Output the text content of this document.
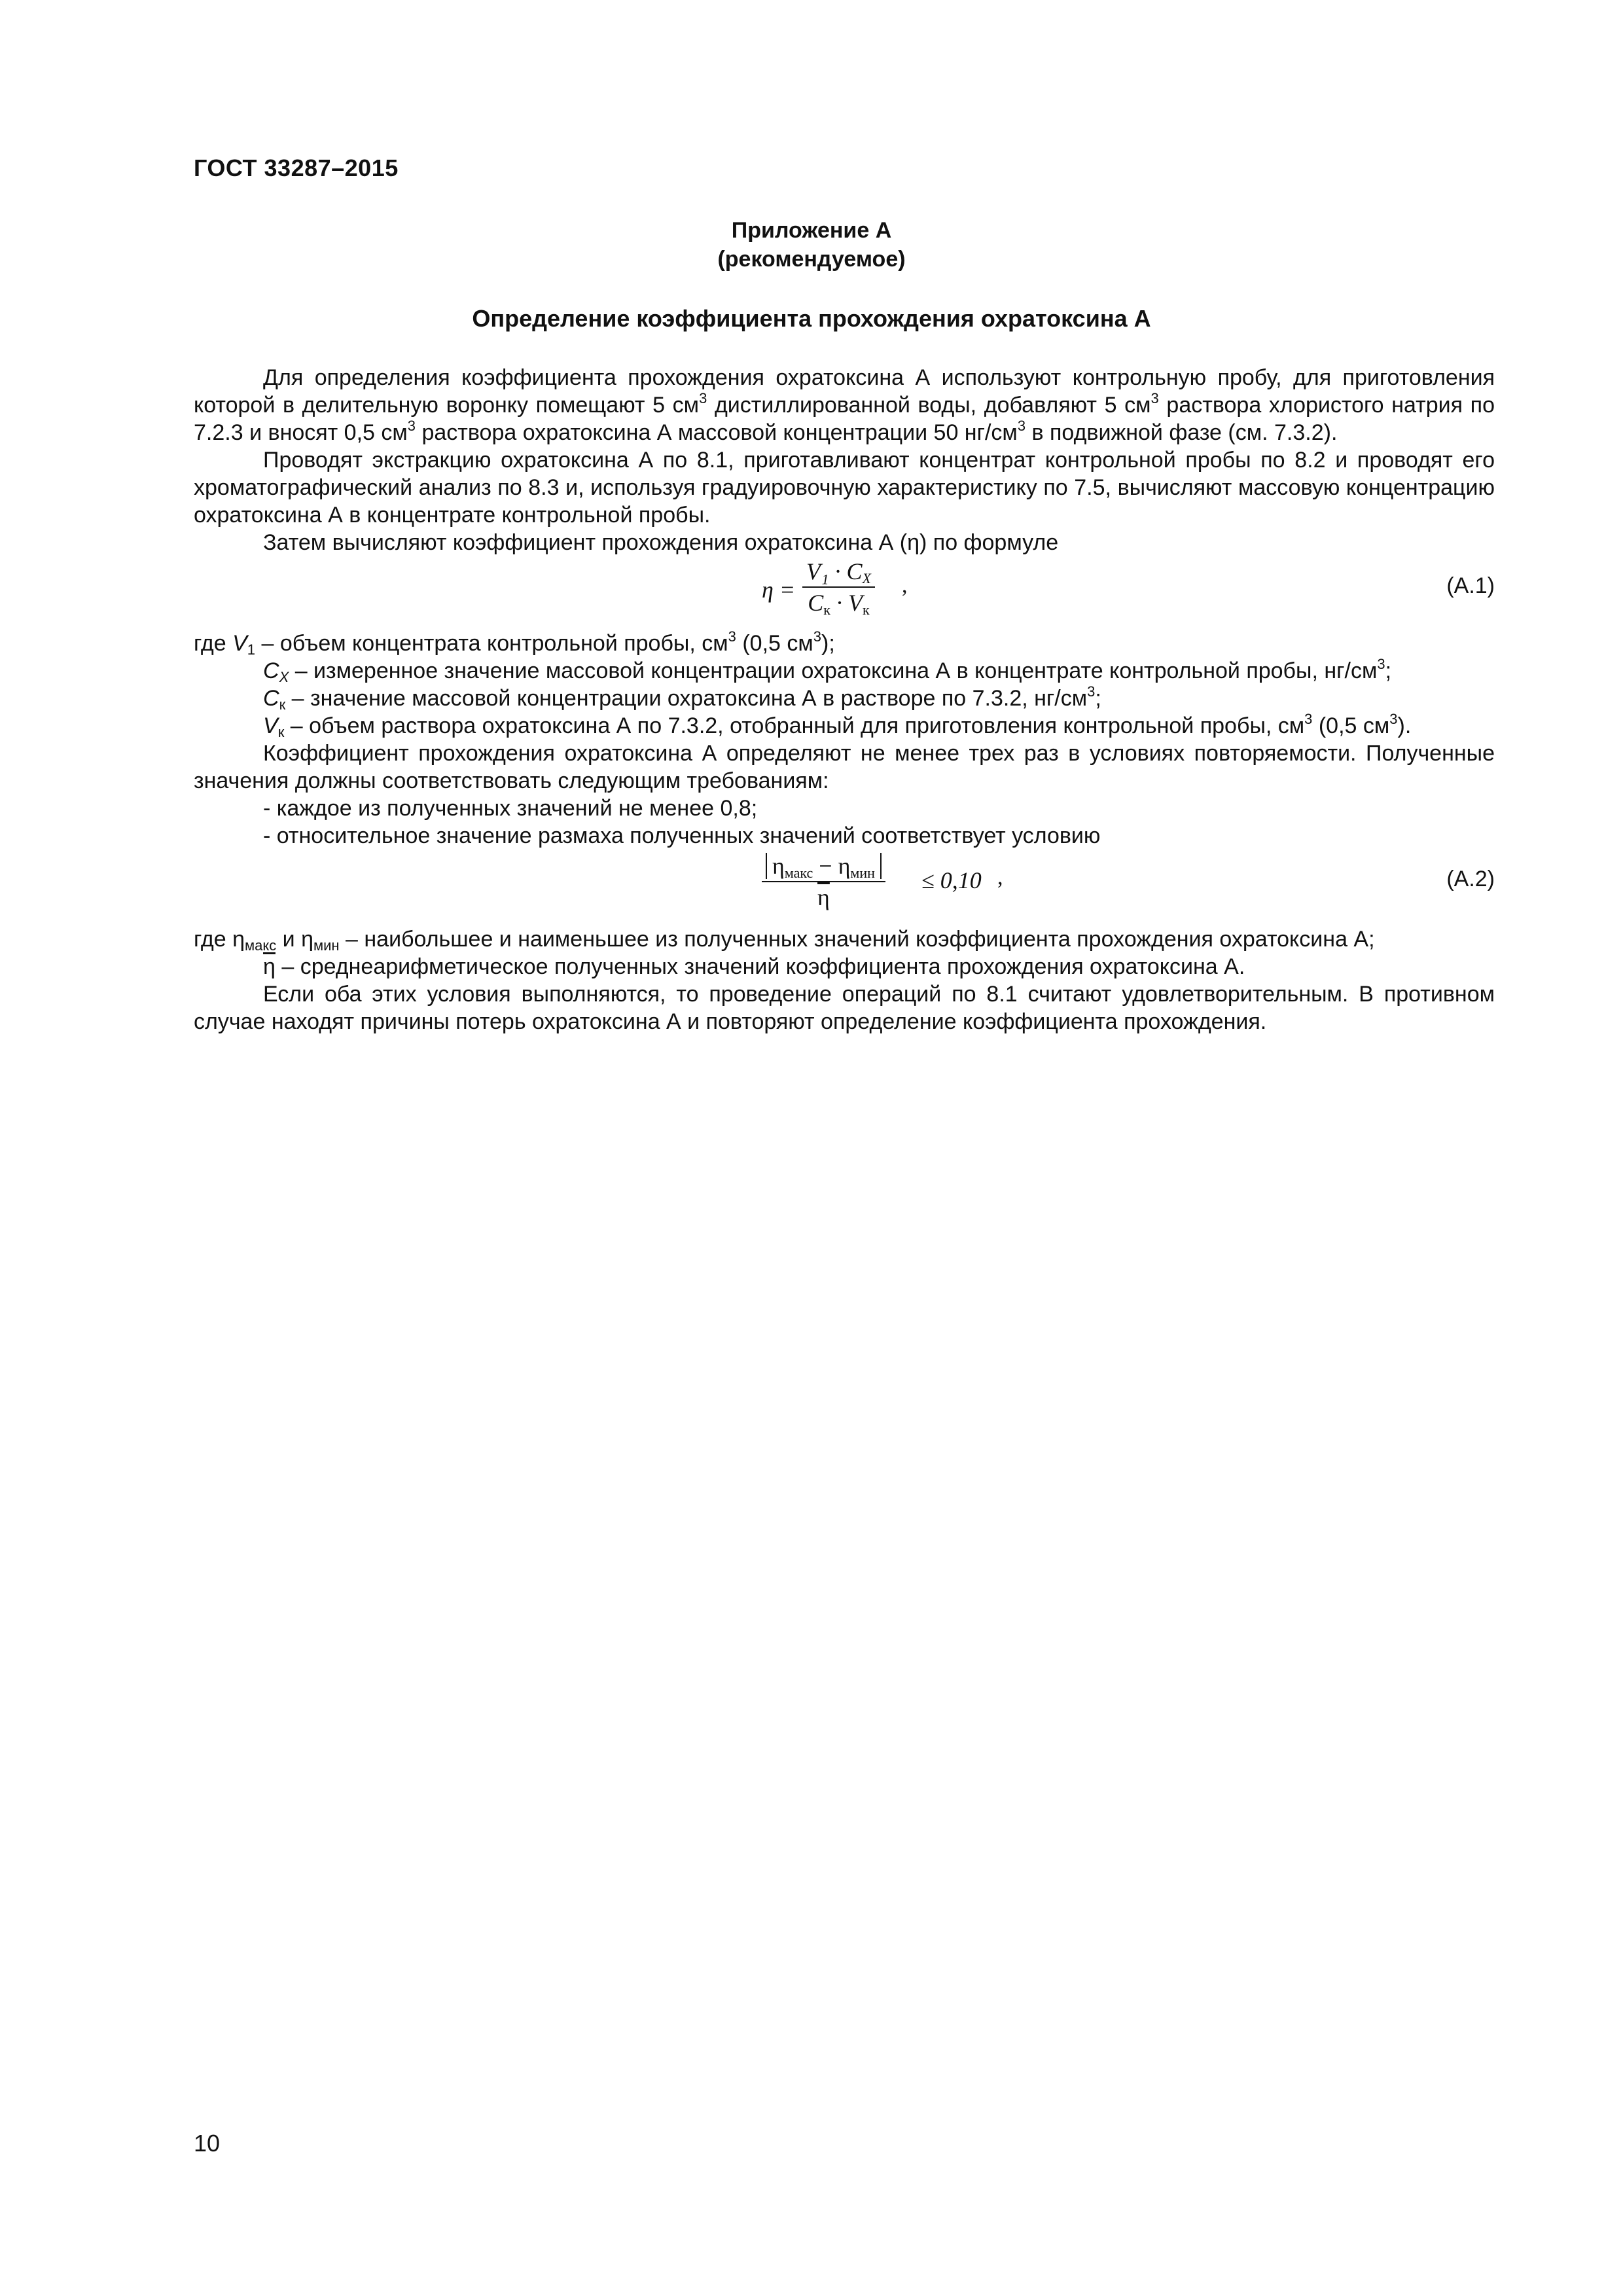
ГОСТ 33287–2015
Приложение А
(рекомендуемое)
Определение коэффициента прохождения охратоксина А

Для определения коэффициента прохождения охратоксина А используют контрольную пробу, для приготовления которой в делительную воронку помещают 5 $см^3$ дистиллированной воды, добавляют 5 $см^3$ раствора хлористого натрия по 7.2.3 и вносят 0,5 $см^3$ раствора охратоксина А массовой концентрации 50 $нг/см^3$ в подвижной фазе (см. 7.3.2).

Проводят экстракцию охратоксина А по 8.1, приготавливают концентрат контрольной пробы по 8.2 и проводят его хроматографический анализ по 8.3 и, используя градуировочную характеристику по 7.5, вычисляют массовую концентрацию охратоксина А в концентрате контрольной пробы.

Затем вычисляют коэффициент прохождения охратоксина А (η) по формуле

η =
$V_1 \cdot C_X$
$C_к \cdot V_к$
,	(А.1)

где $V_1$ – объем концентрата контрольной пробы, $см^3$ (0,5 $см^3$);

$C_X$ – измеренное значение массовой концентрации охратоксина А в концентрате контрольной пробы, $нг/см^3$;

$C_к$ – значение массовой концентрации охратоксина А в растворе по 7.3.2, $нг/см^3$;

$V_к$ – объем раствора охратоксина А по 7.3.2, отобранный для приготовления контрольной пробы, $см^3$ (0,5 $см^3$).

Коэффициент прохождения охратоксина А определяют не менее трех раз в условиях повторяемости. Полученные значения должны соответствовать следующим требованиям:

- каждое из полученных значений не менее 0,8;

- относительное значение размаха полученных значений соответствует условию

$\eta_{макс} - \eta_{мин}$
$\overline{\eta}$
≤ 0,10 ,	(А.2)

где $\eta_{макс}$ и $\eta_{мин}$ – наибольшее и наименьшее из полученных значений коэффициента прохождения охратоксина А;

$\overline{\eta}$ – среднеарифметическое полученных значений коэффициента прохождения охратоксина А.

Если оба этих условия выполняются, то проведение операций по 8.1 считают удовлетворительным. В противном случае находят причины потерь охратоксина А и повторяют определение коэффициента прохождения.

10
